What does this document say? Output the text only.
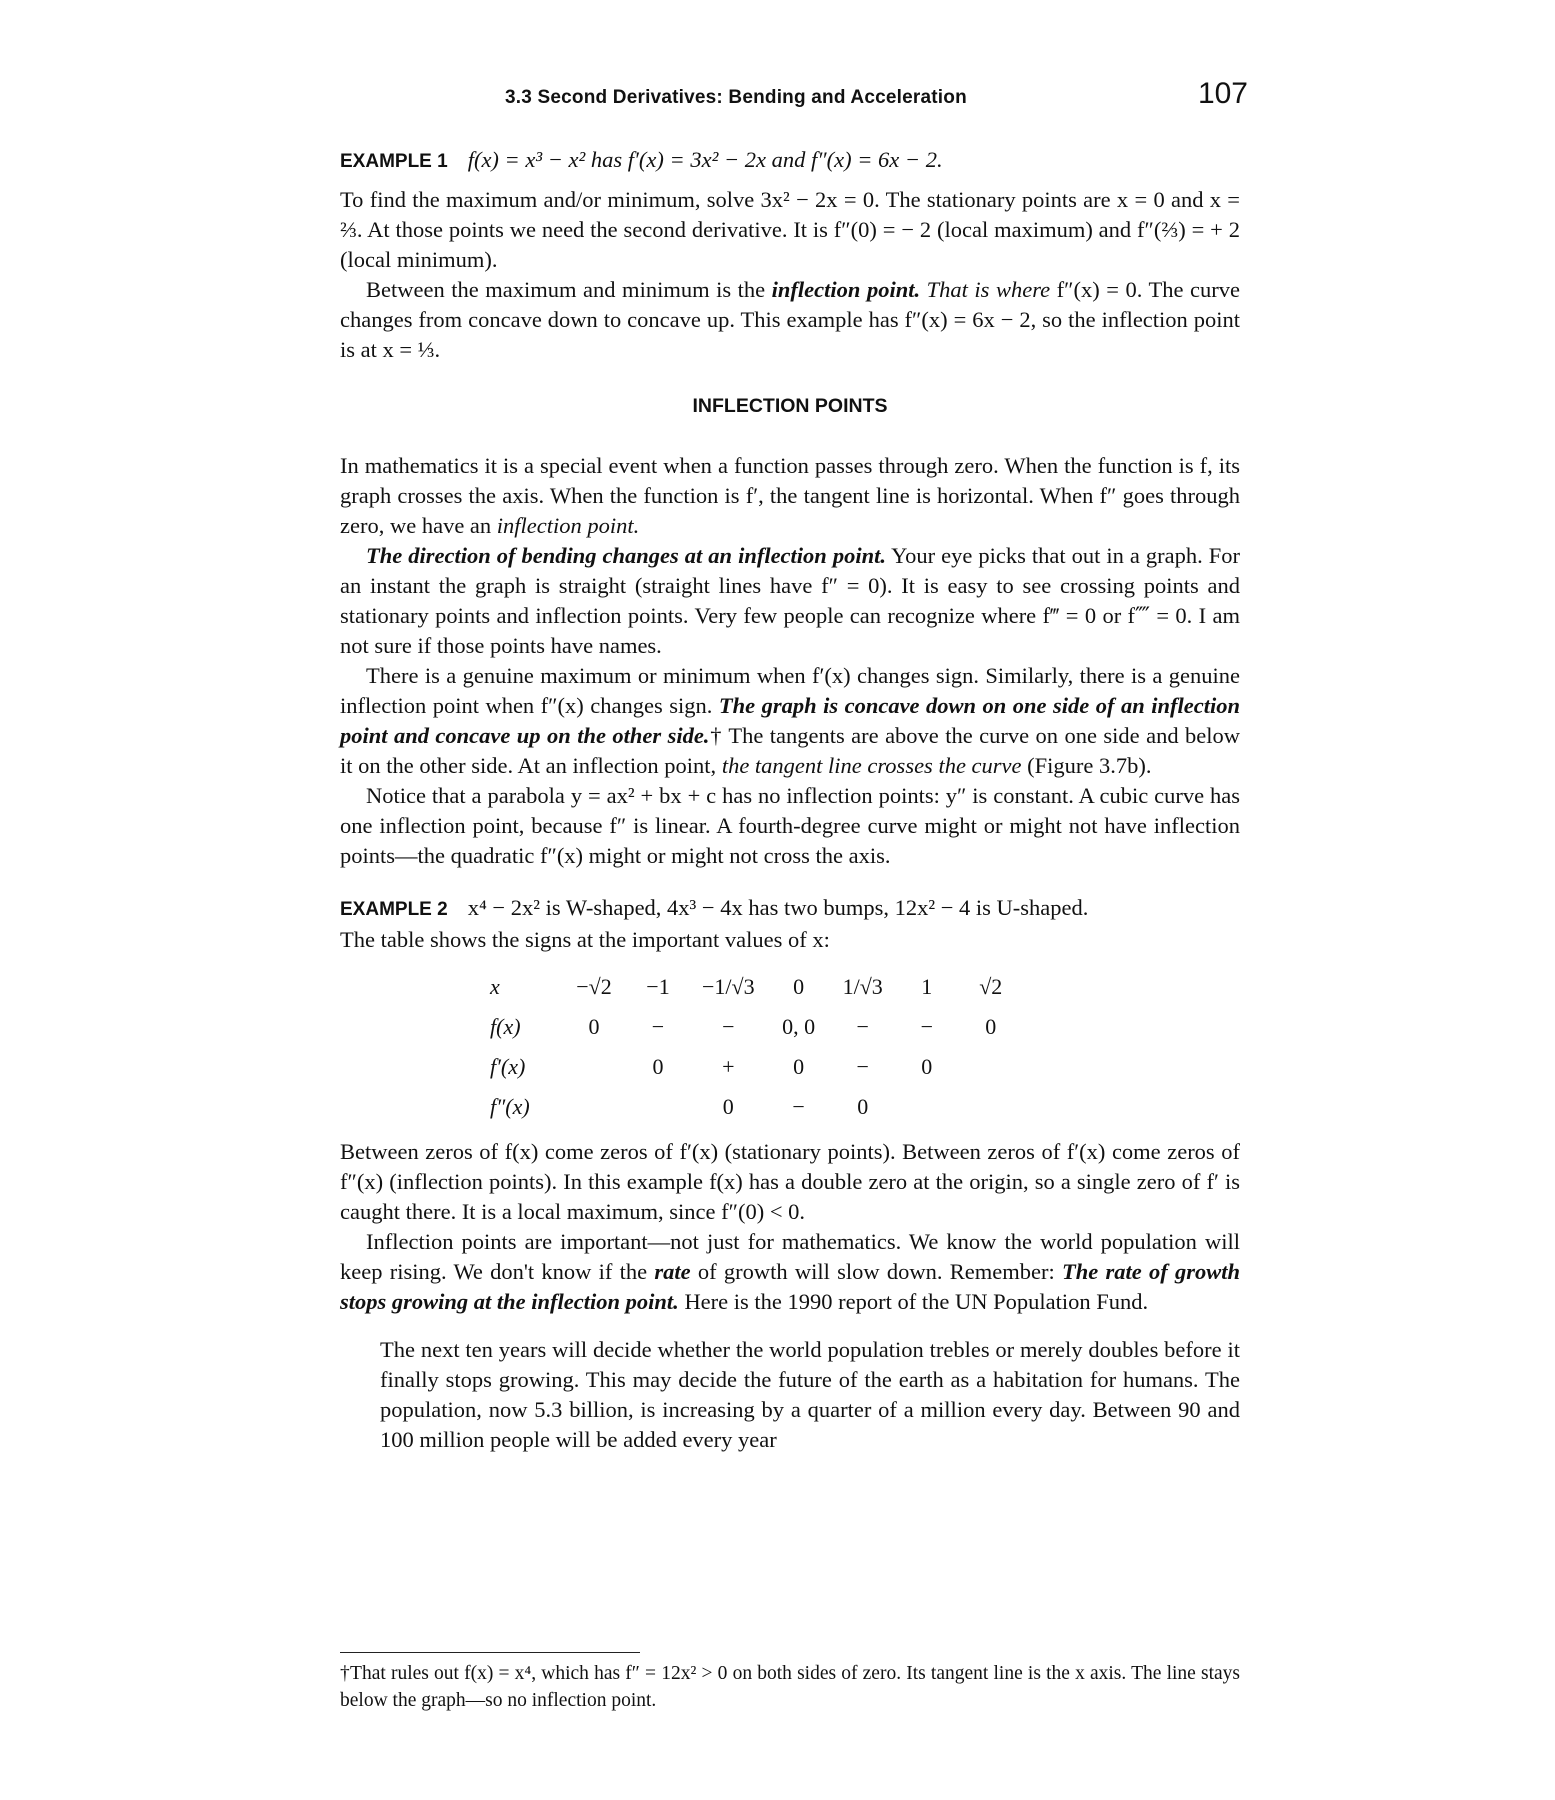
3.3 Second Derivatives: Bending and Acceleration	107

EXAMPLE 1 f(x) = x³ − x² has f′(x) = 3x² − 2x and f″(x) = 6x − 2.

To find the maximum and/or minimum, solve 3x² − 2x = 0. The stationary points are x = 0 and x = ⅔. At those points we need the second derivative. It is f″(0) = − 2 (local maximum) and f″(⅔) = + 2 (local minimum).

Between the maximum and minimum is the inflection point. That is where f″(x) = 0. The curve changes from concave down to concave up. This example has f″(x) = 6x − 2, so the inflection point is at x = ⅓.

INFLECTION POINTS

In mathematics it is a special event when a function passes through zero. When the function is f, its graph crosses the axis. When the function is f′, the tangent line is horizontal. When f″ goes through zero, we have an inflection point.

The direction of bending changes at an inflection point. Your eye picks that out in a graph. For an instant the graph is straight (straight lines have f″ = 0). It is easy to see crossing points and stationary points and inflection points. Very few people can recognize where f‴ = 0 or f⁗ = 0. I am not sure if those points have names.

There is a genuine maximum or minimum when f′(x) changes sign. Similarly, there is a genuine inflection point when f″(x) changes sign. The graph is concave down on one side of an inflection point and concave up on the other side.† The tangents are above the curve on one side and below it on the other side. At an inflection point, the tangent line crosses the curve (Figure 3.7b).

Notice that a parabola y = ax² + bx + c has no inflection points: y″ is constant. A cubic curve has one inflection point, because f″ is linear. A fourth-degree curve might or might not have inflection points—the quadratic f″(x) might or might not cross the axis.

EXAMPLE 2 x⁴ − 2x² is W-shaped, 4x³ − 4x has two bumps, 12x² − 4 is U-shaped.

The table shows the signs at the important values of x:

x	−√2	−1	−1/√3	0	1/√3	1	√2
f(x)	0	−	−	0, 0	−	−	0
f′(x)		0	+	0	−	0	
f″(x)			0	−	0		

Between zeros of f(x) come zeros of f′(x) (stationary points). Between zeros of f′(x) come zeros of f″(x) (inflection points). In this example f(x) has a double zero at the origin, so a single zero of f′ is caught there. It is a local maximum, since f″(0) < 0.

Inflection points are important—not just for mathematics. We know the world population will keep rising. We don't know if the rate of growth will slow down. Remember: The rate of growth stops growing at the inflection point. Here is the 1990 report of the UN Population Fund.

The next ten years will decide whether the world population trebles or merely doubles before it finally stops growing. This may decide the future of the earth as a habitation for humans. The population, now 5.3 billion, is increasing by a quarter of a million every day. Between 90 and 100 million people will be added every year

†That rules out f(x) = x⁴, which has f″ = 12x² > 0 on both sides of zero. Its tangent line is the x axis. The line stays below the graph—so no inflection point.
